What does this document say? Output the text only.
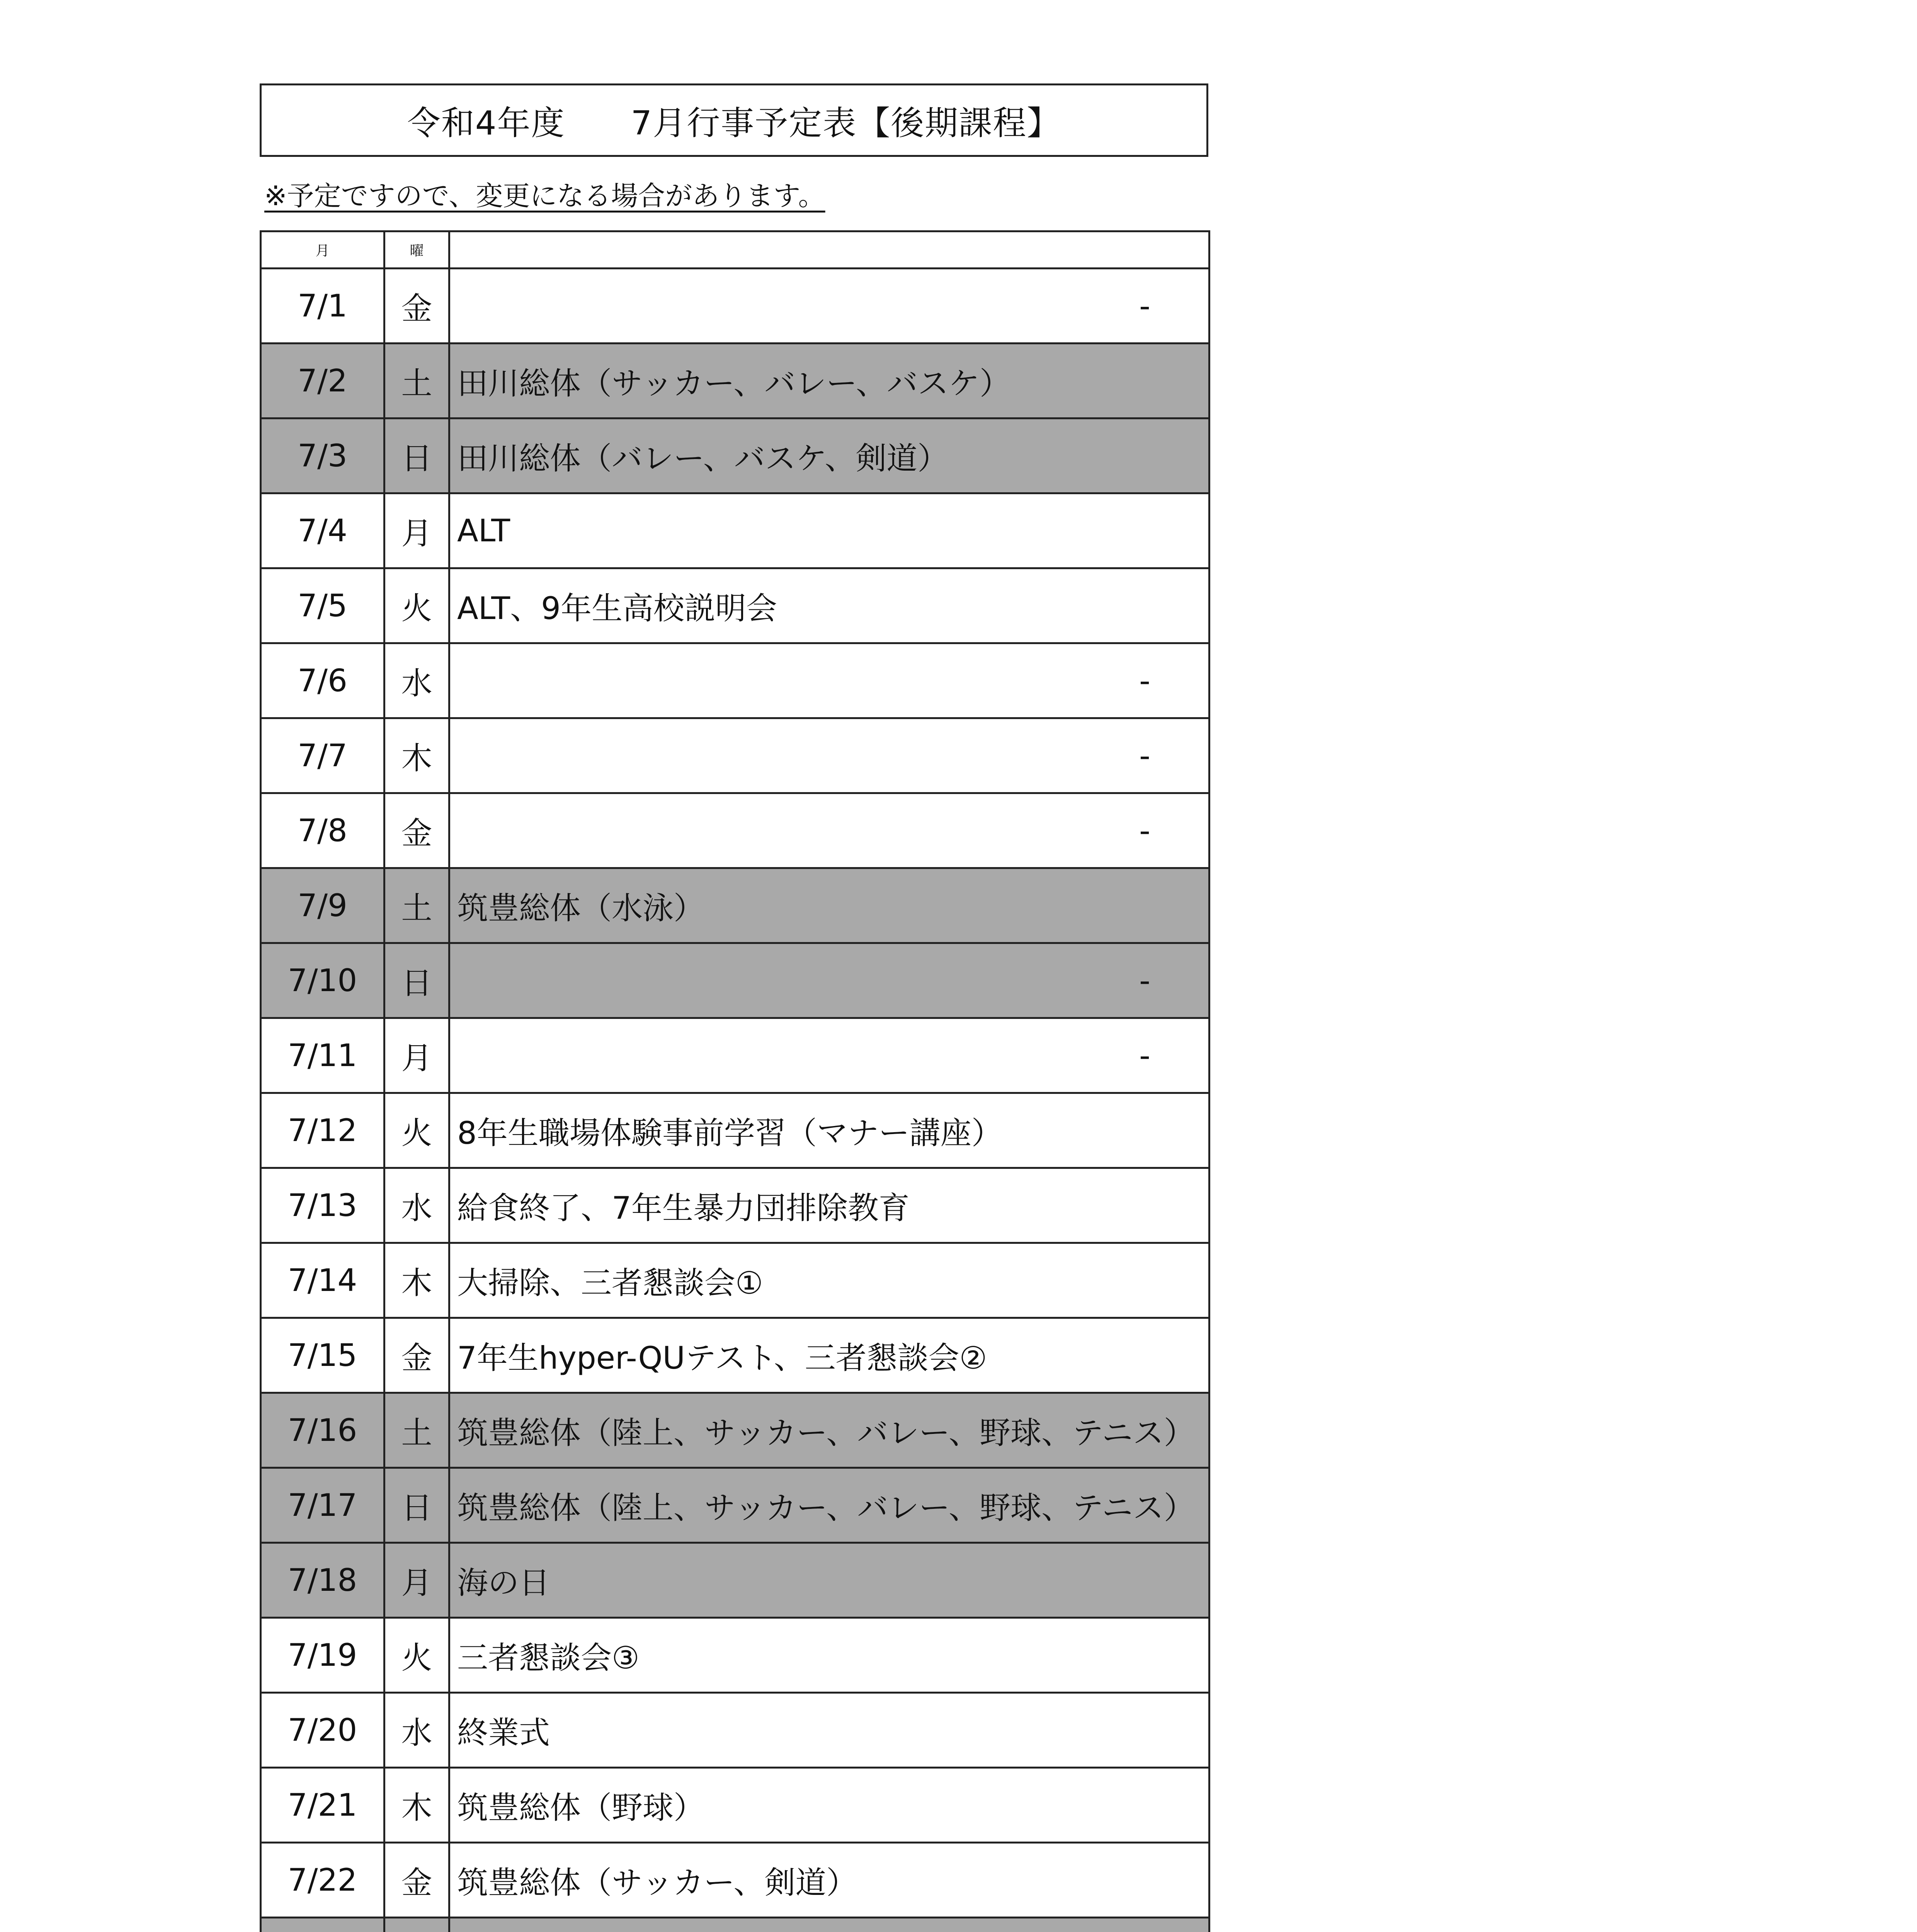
令和4年度 7月行事予定表【後期課程】
※予定ですので、変更になる場合があります。
月	曜	
7/1	金	-

7/2	土	田川総体（サッカー、バレー、バスケ）
7/3	日	田川総体（バレー、バスケ、剣道）
7/4	月	ALT
7/5	火	ALT、9年生高校説明会
7/6	水	-

7/7	木	-

7/8	金	-

7/9	土	筑豊総体（水泳）
7/10	日	-

7/11	月	-

7/12	火	8年生職場体験事前学習（マナー講座）
7/13	水	給食終了、7年生暴力団排除教育
7/14	木	大掃除、三者懇談会①
7/15	金	7年生hyper-QUテスト、三者懇談会②
7/16	土	筑豊総体（陸上、サッカー、バレー、野球、テニス）
7/17	日	筑豊総体（陸上、サッカー、バレー、野球、テニス）
7/18	月	海の日
7/19	火	三者懇談会③
7/20	水	終業式
7/21	木	筑豊総体（野球）
7/22	金	筑豊総体（サッカー、剣道）
